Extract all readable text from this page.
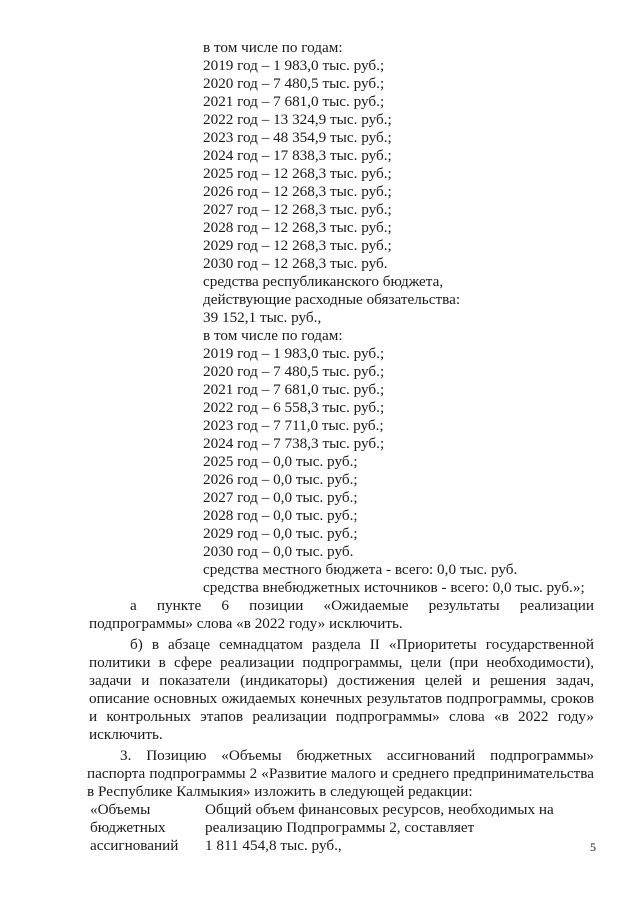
в том числе по годам:
2019 год – 1 983,0 тыс. руб.;
2020 год – 7 480,5 тыс. руб.;
2021 год – 7 681,0 тыс. руб.;
2022 год – 13 324,9 тыс. руб.;
2023 год – 48 354,9 тыс. руб.;
2024 год – 17 838,3 тыс. руб.;
2025 год – 12 268,3 тыс. руб.;
2026 год – 12 268,3 тыс. руб.;
2027 год – 12 268,3 тыс. руб.;
2028 год – 12 268,3 тыс. руб.;
2029 год – 12 268,3 тыс. руб.;
2030 год – 12 268,3 тыс. руб.
средства республиканского бюджета,
действующие расходные обязательства:
39 152,1 тыс. руб.,
в том числе по годам:
2019 год – 1 983,0 тыс. руб.;
2020 год – 7 480,5 тыс. руб.;
2021 год – 7 681,0 тыс. руб.;
2022 год – 6 558,3 тыс. руб.;
2023 год – 7 711,0 тыс. руб.;
2024 год – 7 738,3 тыс. руб.;
2025 год – 0,0 тыс. руб.;
2026 год – 0,0 тыс. руб.;
2027 год – 0,0 тыс. руб.;
2028 год – 0,0 тыс. руб.;
2029 год – 0,0 тыс. руб.;
2030 год – 0,0 тыс. руб.
средства местного бюджета - всего: 0,0 тыс. руб.
средства внебюджетных источников - всего: 0,0 тыс. руб.»;
а пункте 6 позиции «Ожидаемые результаты реализации
подпрограммы» слова «в 2022 году» исключить.
б) в абзаце семнадцатом раздела II «Приоритеты государственной
политики в сфере реализации подпрограммы, цели (при необходимости),
задачи и показатели (индикаторы) достижения целей и решения задач,
описание основных ожидаемых конечных результатов подпрограммы, сроков
и контрольных этапов реализации подпрограммы» слова «в 2022 году»
исключить.
3. Позицию «Объемы бюджетных ассигнований подпрограммы»
паспорта подпрограммы 2 «Развитие малого и среднего предпринимательства
в Республике Калмыкия» изложить в следующей редакции:
«Объемы
бюджетных
ассигнований
Общий объем финансовых ресурсов, необходимых на
реализацию Подпрограммы 2, составляет
1 811 454,8 тыс. руб.,	5
